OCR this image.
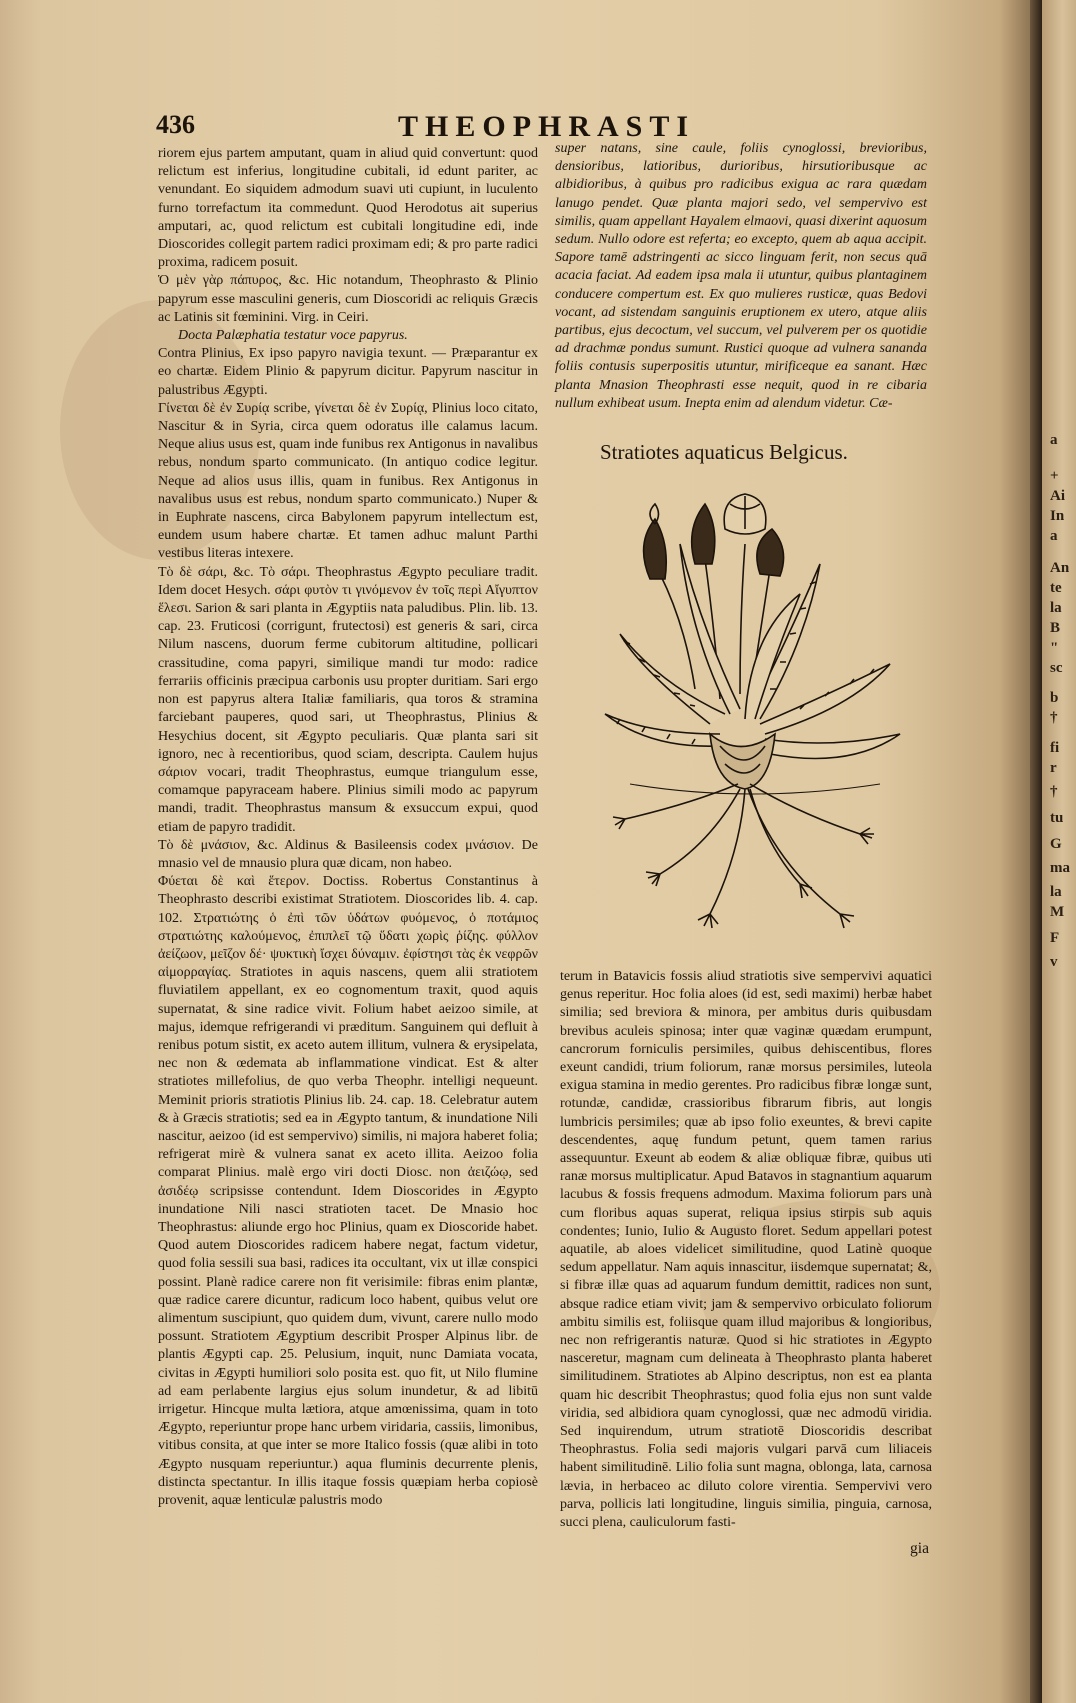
436	THEOPHRASTI

riorem ejus partem amputant, quam in aliud quid convertunt: quod relictum est inferius, longitudine cubitali, id edunt pariter, ac venundant. Eo siquidem admodum suavi uti cupiunt, in luculento furno torrefactum ita commedunt. Quod Herodotus ait superius amputari, ac, quod relictum est cubitali longitudine edi, inde Dioscorides collegit partem radici proximam edi; & pro parte radici proxima, radicem posuit.

Ὁ μὲν γὰρ πάπυρος, &c. Hic notandum, Theophrasto & Plinio papyrum esse masculini generis, cum Dioscoridi ac reliquis Græcis ac Latinis sit fœminini. Virg. in Ceiri.

Docta Palæphatia testatur voce papyrus.

Contra Plinius, Ex ipso papyro navigia texunt. — Præparantur ex eo chartæ. Eidem Plinio & papyrum dicitur. Papyrum nascitur in palustribus Ægypti.

Γίνεται δὲ ἐν Συρίᾳ scribe, γίνεται δὲ ἐν Συρίᾳ, Plinius loco citato, Nascitur & in Syria, circa quem odoratus ille calamus lacum. Neque alius usus est, quam inde funibus rex Antigonus in navalibus rebus, nondum sparto communicato. (In antiquo codice legitur. Neque ad alios usus illis, quam in funibus. Rex Antigonus in navalibus usus est rebus, nondum sparto communicato.) Nuper & in Euphrate nascens, circa Babylonem papyrum intellectum est, eundem usum habere chartæ. Et tamen adhuc malunt Parthi vestibus literas intexere.

Τὸ δὲ σάρι, &c. Τὸ σάρι. Theophrastus Ægypto peculiare tradit. Idem docet Hesych. σάρι φυτὸν τι γινόμενον ἐν τοῖς περὶ Αἴγυπτον ἕλεσι. Sarion & sari planta in Ægyptiis nata paludibus. Plin. lib. 13. cap. 23. Fruticosi (corrigunt, frutectosi) est generis & sari, circa Nilum nascens, duorum ferme cubitorum altitudine, pollicari crassitudine, coma papyri, similique mandi tur modo: radice ferrariis officinis præcipua carbonis usu propter duritiam. Sari ergo non est papyrus altera Italiæ familiaris, qua toros & stramina farciebant pauperes, quod sari, ut Theophrastus, Plinius & Hesychius docent, sit Ægypto peculiaris. Quæ planta sari sit ignoro, nec à recentioribus, quod sciam, descripta. Caulem hujus σάριον vocari, tradit Theophrastus, eumque triangulum esse, comamque papyraceam habere. Plinius simili modo ac papyrum mandi, tradit. Theophrastus mansum & exsuccum expui, quod etiam de papyro tradidit.

Τὸ δὲ μνάσιον, &c. Aldinus & Basileensis codex μνάσιον. De mnasio vel de mnausio plura quæ dicam, non habeo.

Φύεται δὲ καὶ ἕτερον. Doctiss. Robertus Constantinus à Theophrasto describi existimat Stratiotem. Dioscorides lib. 4. cap. 102. Στρατιώτης ὁ ἐπὶ τῶν ὑδάτων φυόμενος, ὁ ποτάμιος στρατιώτης καλούμενος, ἐπιπλεῖ τῷ ὕδατι χωρὶς ῥίζης. φύλλον ἀείζωον, μεῖζον δέ· ψυκτικὴ ἴσχει δύναμιν. ἐφίστησι τὰς ἐκ νεφρῶν αἱμορραγίας. Stratiotes in aquis nascens, quem alii stratiotem fluviatilem appellant, ex eo cognomentum traxit, quod aquis supernatat, & sine radice vivit. Folium habet aeizoo simile, at majus, idemque refrigerandi vi præditum. Sanguinem qui defluit à renibus potum sistit, ex aceto autem illitum, vulnera & erysipelata, nec non & œdemata ab inflammatione vindicat. Est & alter stratiotes millefolius, de quo verba Theophr. intelligi nequeunt. Meminit prioris stratiotis Plinius lib. 24. cap. 18. Celebratur autem & à Græcis stratiotis; sed ea in Ægypto tantum, & inundatione Nili nascitur, aeizoo (id est sempervivo) similis, ni majora haberet folia; refrigerat mirè & vulnera sanat ex aceto illita. Aeizoo folia comparat Plinius. malè ergo viri docti Diosc. non ἀειζώῳ, sed ἀσιδέῳ scripsisse contendunt. Idem Dioscorides in Ægypto inundatione Nili nasci stratioten tacet. De Mnasio hoc Theophrastus: aliunde ergo hoc Plinius, quam ex Dioscoride habet. Quod autem Dioscorides radicem habere negat, factum videtur, quod folia sessili sua basi, radices ita occultant, vix ut illæ conspici possint. Planè radice carere non fit verisimile: fibras enim plantæ, quæ radice carere dicuntur, radicum loco habent, quibus velut ore alimentum suscipiunt, quo quidem dum, vivunt, carere nullo modo possunt. Stratiotem Ægyptium describit Prosper Alpinus libr. de plantis Ægypti cap. 25. Pelusium, inquit, nunc Damiata vocata, civitas in Ægypti humiliori solo posita est. quo fit, ut Nilo flumine ad eam perlabente largius ejus solum inundetur, & ad libitū irrigetur. Hincque multa lætiora, atque amœnissima, quam in toto Ægypto, reperiuntur prope hanc urbem viridaria, cassiis, limonibus, vitibus consita, at que inter se more Italico fossis (quæ alibi in toto Ægypto nusquam reperiuntur.) aqua fluminis decurrente plenis, distincta spectantur. In illis itaque fossis quæpiam herba copiosè provenit, aquæ lenticulæ palustris modo

super natans, sine caule, foliis cynoglossi, brevioribus, densioribus, latioribus, durioribus, hirsutioribusque ac albidioribus, à quibus pro radicibus exigua ac rara quædam lanugo pendet. Quæ planta majori sedo, vel sempervivo est similis, quam appellant Hayalem elmaovi, quasi dixerint aquosum sedum. Nullo odore est referta; eo excepto, quem ab aqua accipit. Sapore tamē adstringenti ac sicco linguam ferit, non secus quā acacia faciat. Ad eadem ipsa mala ii utuntur, quibus plantaginem conducere compertum est. Ex quo mulieres rusticæ, quas Bedovi vocant, ad sistendam sanguinis eruptionem ex utero, atque aliis partibus, ejus decoctum, vel succum, vel pulverem per os quotidie ad drachmæ pondus sumunt. Rustici quoque ad vulnera sananda foliis contusis superpositis utuntur, mirificeque ea sanant. Hæc planta Mnasion Theophrasti esse nequit, quod in re cibaria nullum exhibeat usum. Inepta enim ad alendum videtur. Cæ-

Stratiotes aquaticus Belgicus.

terum in Batavicis fossis aliud stratiotis sive sempervivi aquatici genus reperitur. Hoc folia aloes (id est, sedi maximi) herbæ habet similia; sed breviora & minora, per ambitus duris quibusdam brevibus aculeis spinosa; inter quæ vaginæ quædam erumpunt, cancrorum forniculis persimiles, quibus dehiscentibus, flores exeunt candidi, trium foliorum, ranæ morsus persimiles, luteola exigua stamina in medio gerentes. Pro radicibus fibræ longæ sunt, rotundæ, candidæ, crassioribus fibrarum fibris, aut longis lumbricis persimiles; quæ ab ipso folio exeuntes, & brevi capite descendentes, aquę fundum petunt, quem tamen rarius assequuntur. Exeunt ab eodem & aliæ obliquæ fibræ, quibus uti ranæ morsus multiplicatur. Apud Batavos in stagnantium aquarum lacubus & fossis frequens admodum. Maxima foliorum pars unà cum floribus aquas superat, reliqua ipsius stirpis sub aquis condentes; Iunio, Iulio & Augusto floret. Sedum appellari potest aquatile, ab aloes videlicet similitudine, quod Latinè quoque sedum appellatur. Nam aquis innascitur, iisdemque supernatat; &, si fibræ illæ quas ad aquarum fundum demittit, radices non sunt, absque radice etiam vivit; jam & sempervivo orbiculato foliorum ambitu similis est, foliisque quam illud majoribus & longioribus, nec non refrigerantis naturæ. Quod si hic stratiotes in Ægypto nasceretur, magnam cum delineata à Theophrasto planta haberet similitudinem. Stratiotes ab Alpino descriptus, non est ea planta quam hic describit Theophrastus; quod folia ejus non sunt valde viridia, sed albidiora quam cynoglossi, quæ nec admodū viridia. Sed inquirendum, utrum stratiotē Dioscoridis describat Theophrastus. Folia sedi majoris vulgari parvā cum liliaceis habent similitudinē. Lilio folia sunt magna, oblonga, lata, carnosa lævia, in herbaceo ac diluto colore virentia. Sempervivi vero parva, pollicis lati longitudine, linguis similia, pinguia, carnosa, succi plena, cauliculorum fasti-

gia
a
+
Ai
In
a
An
te
la
B
"
sc
b
†
fi
r
†
tu
G
ma
la
M
F
v
